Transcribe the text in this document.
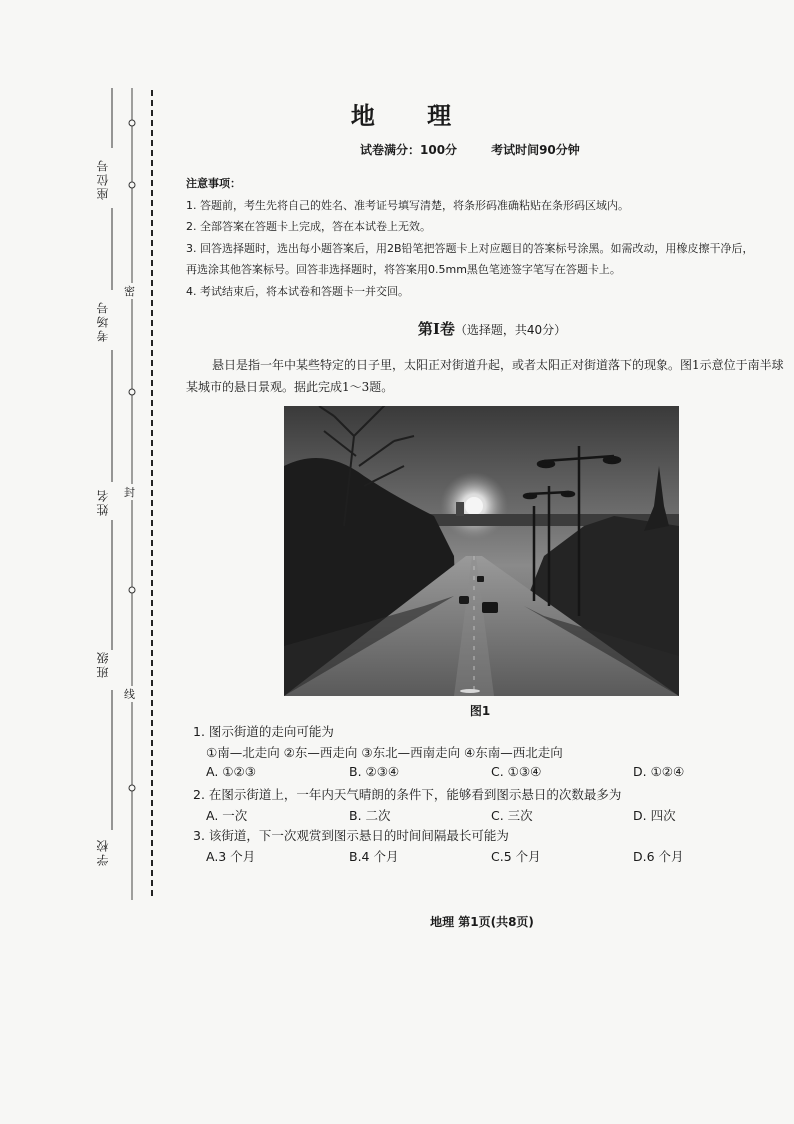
座位号
考场号
姓名
班级
学校
密
封
线
地 理
试卷满分：100分	考试时间90分钟
注意事项：
1. 答题前，考生先将自己的姓名、准考证号填写清楚，将条形码准确粘贴在条形码区域内。
2. 全部答案在答题卡上完成，答在本试卷上无效。
3. 回答选择题时，选出每小题答案后，用2B铅笔把答题卡上对应题目的答案标号涂黑。如需改动，用橡皮擦干净后，
再选涂其他答案标号。回答非选择题时，将答案用0.5mm黑色笔迹签字笔写在答题卡上。
4. 考试结束后，将本试卷和答题卡一并交回。
第Ⅰ卷（选择题，共40分）
悬日是指一年中某些特定的日子里，太阳正对街道升起，或者太阳正对街道落下的现象。图1示意位于南半球某城市的悬日景观。据此完成1～3题。
图1
1. 图示街道的走向可能为
①南—北走向 ②东—西走向 ③东北—西南走向 ④东南—西北走向
A. ①②③	B. ②③④	C. ①③④	D. ①②④
2. 在图示街道上，一年内天气晴朗的条件下，能够看到图示悬日的次数最多为
A. 一次	B. 二次	C. 三次	D. 四次
3. 该街道，下一次观赏到图示悬日的时间间隔最长可能为
A.3 个月	B.4 个月	C.5 个月	D.6 个月
地理 第1页(共8页)
